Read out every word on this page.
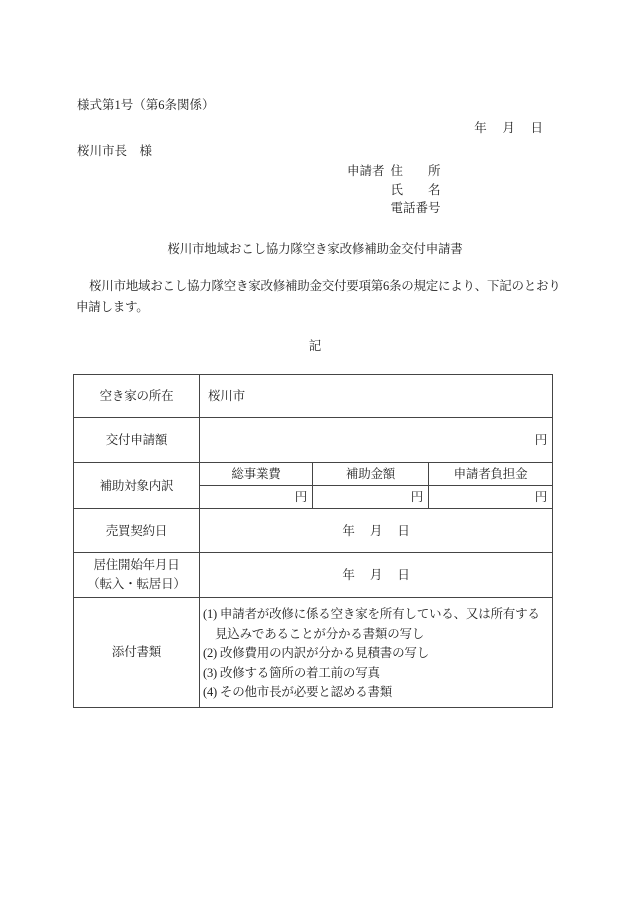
様式第1号（第6条関係）
年　 月　 日
桜川市長　様
申請者 住　　所
氏　　名
電話番号
桜川市地域おこし協力隊空き家改修補助金交付申請書
桜川市地域おこし協力隊空き家改修補助金交付要項第6条の規定により、下記のとおり申請します。
記
空き家の所在	桜川市		
交付申請額	円		
補助対象内訳	総事業費	補助金額	申請者負担金
	円	円	円
売買契約日	年　 月　 日		

居住開始年月日
（転入・転居日）	年　 月　 日		
添付書類	(1) 申請者が改修に係る空き家を所有している、又は所有する見込みであることが分かる書類の写し
(2) 改修費用の内訳が分かる見積書の写し
(3) 改修する箇所の着工前の写真
(4) その他市長が必要と認める書類		
